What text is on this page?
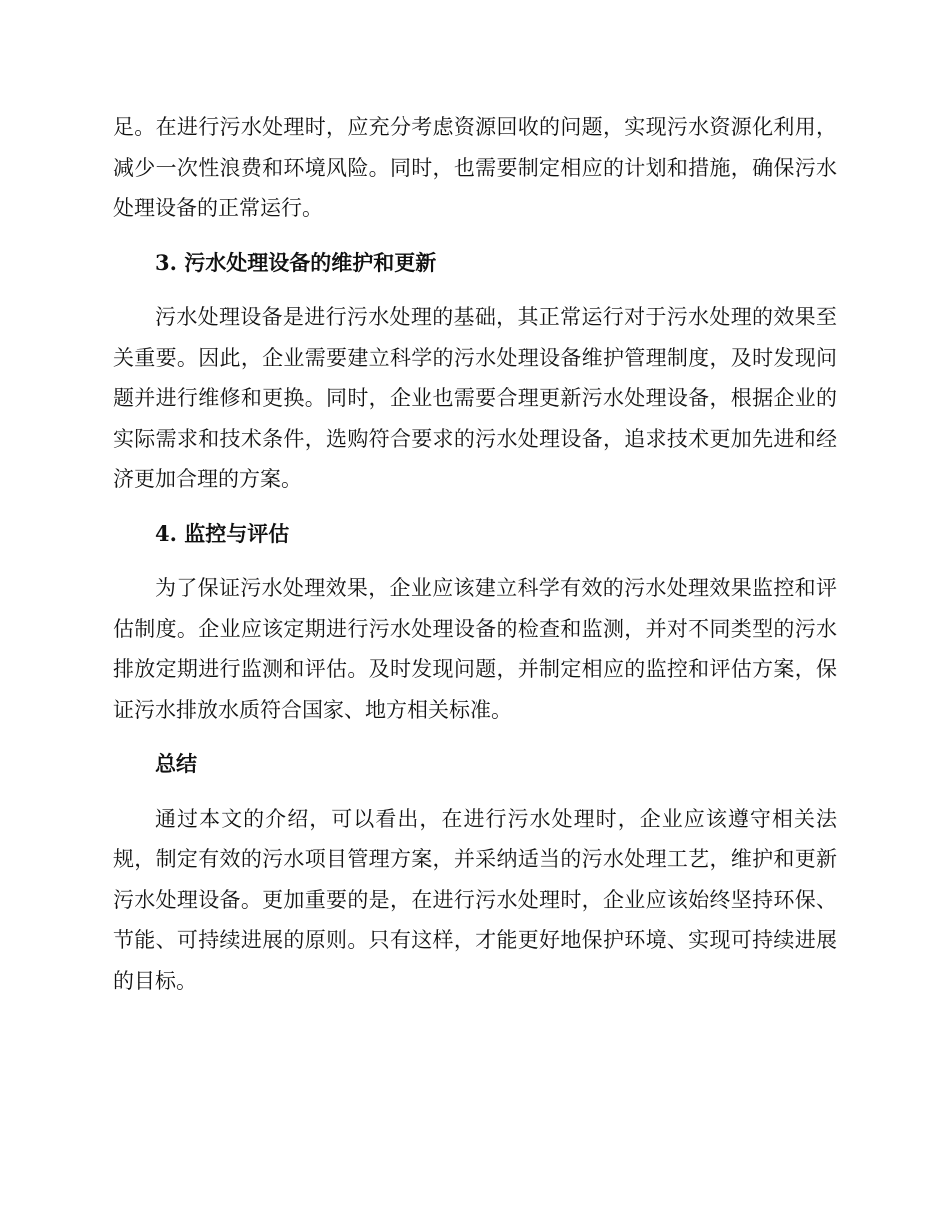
足。在进行污水处理时，应充分考虑资源回收的问题，实现污水资源化利用，减少一次性浪费和环境风险。同时，也需要制定相应的计划和措施，确保污水处理设备的正常运行。

3. 污水处理设备的维护和更新

污水处理设备是进行污水处理的基础，其正常运行对于污水处理的效果至关重要。因此，企业需要建立科学的污水处理设备维护管理制度，及时发现问题并进行维修和更换。同时，企业也需要合理更新污水处理设备，根据企业的实际需求和技术条件，选购符合要求的污水处理设备，追求技术更加先进和经济更加合理的方案。

4. 监控与评估

为了保证污水处理效果，企业应该建立科学有效的污水处理效果监控和评估制度。企业应该定期进行污水处理设备的检查和监测，并对不同类型的污水排放定期进行监测和评估。及时发现问题，并制定相应的监控和评估方案，保证污水排放水质符合国家、地方相关标准。

总结

通过本文的介绍，可以看出，在进行污水处理时，企业应该遵守相关法规，制定有效的污水项目管理方案，并采纳适当的污水处理工艺，维护和更新污水处理设备。更加重要的是，在进行污水处理时，企业应该始终坚持环保、节能、可持续进展的原则。只有这样，才能更好地保护环境、实现可持续进展的目标。
